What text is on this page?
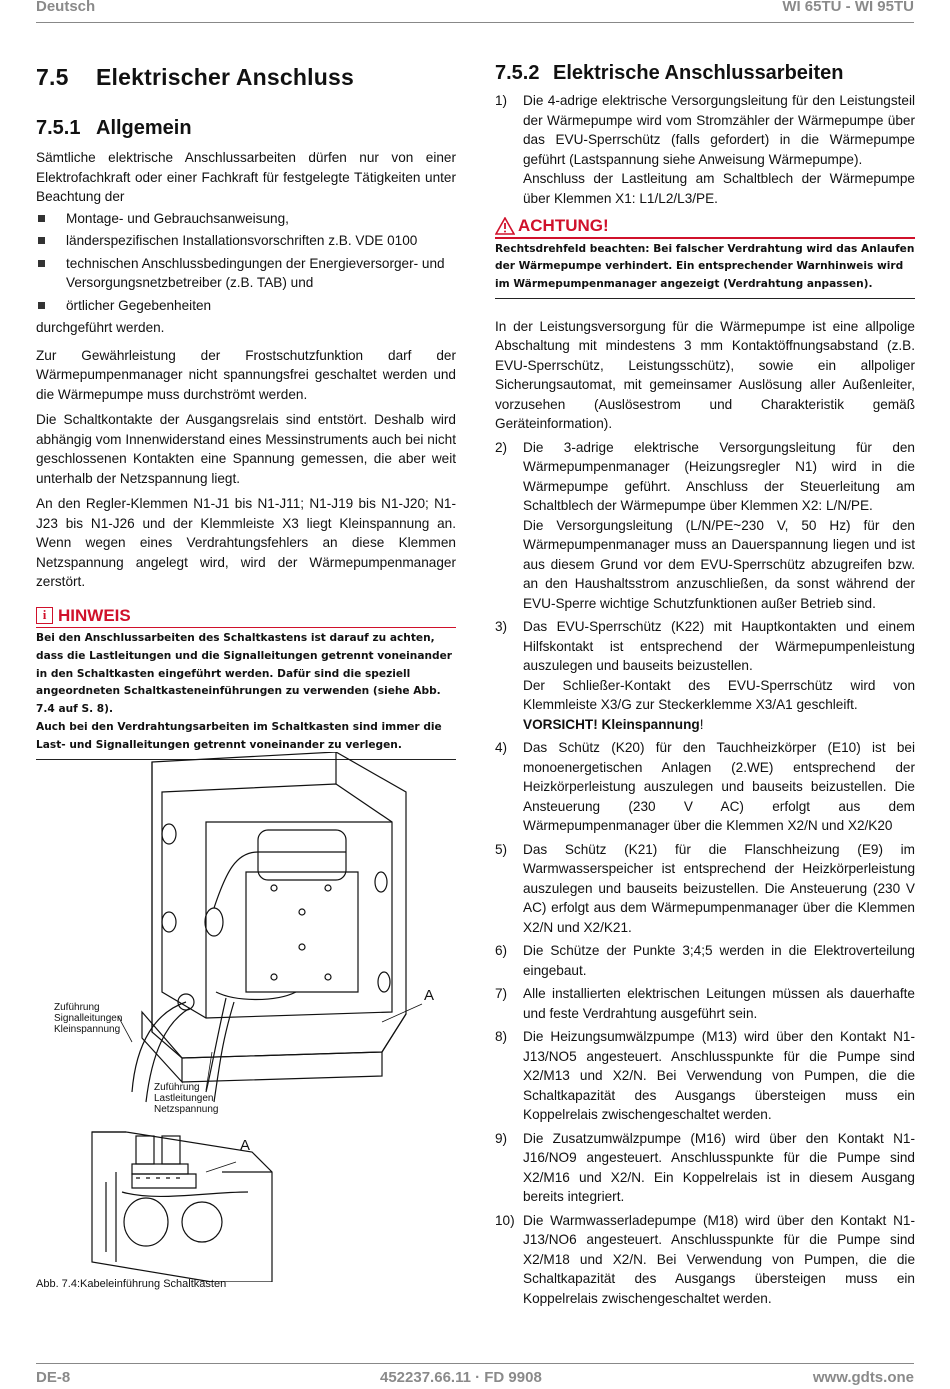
Deutsch	WI 65TU - WI 95TU
7.5 Elektrischer Anschluss
7.5.1 Allgemein

Sämtliche elektrische Anschlussarbeiten dürfen nur von einer Elektrofachkraft oder einer Fachkraft für festgelegte Tätigkeiten unter Beachtung der

Montage- und Gebrauchsanweisung,
länderspezifischen Installationsvorschriften z.B. VDE 0100
technischen Anschlussbedingungen der Energieversorger- und Versorgungsnetzbetreiber (z.B. TAB) und
örtlicher Gegebenheiten

durchgeführt werden.

Zur Gewährleistung der Frostschutzfunktion darf der Wärmepumpenmanager nicht spannungsfrei geschaltet werden und die Wärmepumpe muss durchströmt werden.

Die Schaltkontakte der Ausgangsrelais sind entstört. Deshalb wird abhängig vom Innenwiderstand eines Messinstruments auch bei nicht geschlossenen Kontakten eine Spannung gemessen, die aber weit unterhalb der Netzspannung liegt.

An den Regler-Klemmen N1-J1 bis N1-J11; N1-J19 bis N1-J20; N1-J23 bis N1-J26 und der Klemmleiste X3 liegt Kleinspannung an. Wenn wegen eines Verdrahtungsfehlers an diese Klemmen Netzspannung angelegt wird, wird der Wärmepumpenmanager zerstört.

i HINWEIS
Bei den Anschlussarbeiten des Schaltkastens ist darauf zu achten, dass die Lastleitungen und die Signalleitungen getrennt voneinander in den Schaltkasten eingeführt werden. Dafür sind die speziell angeordneten Schaltkasteneinführungen zu verwenden (siehe Abb. 7.4 auf S. 8).
Auch bei den Verdrahtungsarbeiten im Schaltkasten sind immer die Last- und Signalleitungen getrennt voneinander zu verlegen.
Zuführung
Signalleitungen
Kleinspannung
Zuführung
Lastleitungen
Netzspannung
A
A
Abb. 7.4:Kabeleinführung Schaltkasten
7.5.2 Elektrische Anschlussarbeiten
1) Die 4-adrige elektrische Versorgungsleitung für den Leistungsteil der Wärmepumpe wird vom Stromzähler der Wärmepumpe über das EVU-Sperrschütz (falls gefordert) in die Wärmepumpe geführt (Lastspannung siehe Anweisung Wärmepumpe).
Anschluss der Lastleitung am Schaltblech der Wärmepumpe über Klemmen X1: L1/L2/L3/PE.
ACHTUNG!
Rechtsdrehfeld beachten: Bei falscher Verdrahtung wird das Anlaufen der Wärmepumpe verhindert. Ein entsprechender Warnhinweis wird im Wärmepumpenmanager angezeigt (Verdrahtung anpassen).

In der Leistungsversorgung für die Wärmepumpe ist eine allpolige Abschaltung mit mindestens 3 mm Kontaktöffnungsabstand (z.B. EVU-Sperrschütz, Leistungsschütz), sowie ein allpoliger Sicherungsautomat, mit gemeinsamer Auslösung aller Außenleiter, vorzusehen (Auslösestrom und Charakteristik gemäß Geräteinformation).

2) Die 3-adrige elektrische Versorgungsleitung für den Wärmepumpenmanager (Heizungsregler N1) wird in die Wärmepumpe geführt. Anschluss der Steuerleitung am Schaltblech der Wärmepumpe über Klemmen X2: L/N/PE.
Die Versorgungsleitung (L/N/PE~230 V, 50 Hz) für den Wärmepumpenmanager muss an Dauerspannung liegen und ist aus diesem Grund vor dem EVU-Sperrschütz abzugreifen bzw. an den Haushaltsstrom anzuschließen, da sonst während der EVU-Sperre wichtige Schutzfunktionen außer Betrieb sind.
3) Das EVU-Sperrschütz (K22) mit Hauptkontakten und einem Hilfskontakt ist entsprechend der Wärmepumpenleistung auszulegen und bauseits beizustellen.
Der Schließer-Kontakt des EVU-Sperrschütz wird von Klemmleiste X3/G zur Steckerklemme X3/A1 geschleift.
VORSICHT! Kleinspannung!
4) Das Schütz (K20) für den Tauchheizkörper (E10) ist bei monoenergetischen Anlagen (2.WE) entsprechend der Heizkörperleistung auszulegen und bauseits beizustellen. Die Ansteuerung (230 V AC) erfolgt aus dem Wärmepumpenmanager über die Klemmen X2/N und X2/K20
5) Das Schütz (K21) für die Flanschheizung (E9) im Warmwasserspeicher ist entsprechend der Heizkörperleistung auszulegen und bauseits beizustellen. Die Ansteuerung (230 V AC) erfolgt aus dem Wärmepumpenmanager über die Klemmen X2/N und X2/K21.
6) Die Schütze der Punkte 3;4;5 werden in die Elektroverteilung eingebaut.
7) Alle installierten elektrischen Leitungen müssen als dauerhafte und feste Verdrahtung ausgeführt sein.
8) Die Heizungsumwälzpumpe (M13) wird über den Kontakt N1-J13/NO5 angesteuert. Anschlusspunkte für die Pumpe sind X2/M13 und X2/N. Bei Verwendung von Pumpen, die die Schaltkapazität des Ausgangs übersteigen muss ein Koppelrelais zwischengeschaltet werden.
9) Die Zusatzumwälzpumpe (M16) wird über den Kontakt N1-J16/NO9 angesteuert. Anschlusspunkte für die Pumpe sind X2/M16 und X2/N. Ein Koppelrelais ist in diesem Ausgang bereits integriert.
10) Die Warmwasserladepumpe (M18) wird über den Kontakt N1-J13/NO6 angesteuert. Anschlusspunkte für die Pumpe sind X2/M18 und X2/N. Bei Verwendung von Pumpen, die die Schaltkapazität des Ausgangs übersteigen muss ein Koppelrelais zwischengeschaltet werden.
DE-8	452237.66.11 · FD 9908	www.gdts.one
